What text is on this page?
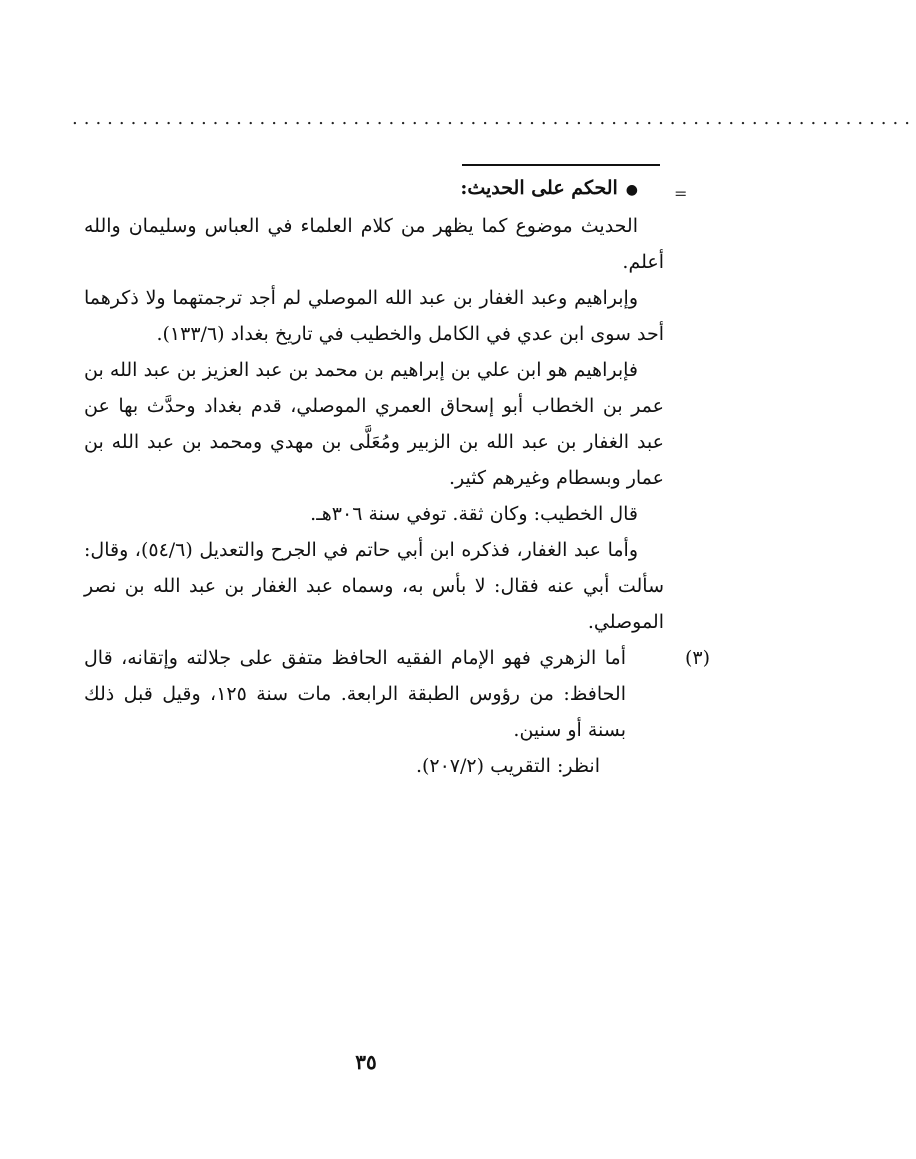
........................................................................
=

●الحكم على الحديث:

الحديث موضوع كما يظهر من كلام العلماء في العباس وسليمان والله أعلم.

وإبراهيم وعبد الغفار بن عبد الله الموصلي لم أجد ترجمتهما ولا ذكرهما أحد سوى ابن عدي في الكامل والخطيب في تاريخ بغداد (١٣٣/٦).

فإبراهيم هو ابن علي بن إبراهيم بن محمد بن عبد العزيز بن عبد الله بن عمر بن الخطاب أبو إسحاق العمري الموصلي، قدم بغداد وحدَّث بها عن عبد الغفار بن عبد الله بن الزبير ومُعَلَّى بن مهدي ومحمد بن عبد الله بن عمار وبسطام وغيرهم كثير.

قال الخطيب: وكان ثقة. توفي سنة ٣٠٦هـ.

وأما عبد الغفار، فذكره ابن أبي حاتم في الجرح والتعديل (٥٤/٦)، وقال: سألت أبي عنه فقال: لا بأس به، وسماه عبد الغفار بن عبد الله بن نصر الموصلي.

(٣)

أما الزهري فهو الإمام الفقيه الحافظ متفق على جلالته وإتقانه، قال الحافظ: من رؤوس الطبقة الرابعة. مات سنة ١٢٥، وقيل قبل ذلك بسنة أو سنين.

انظر: التقريب (٢٠٧/٢).

٣٥
